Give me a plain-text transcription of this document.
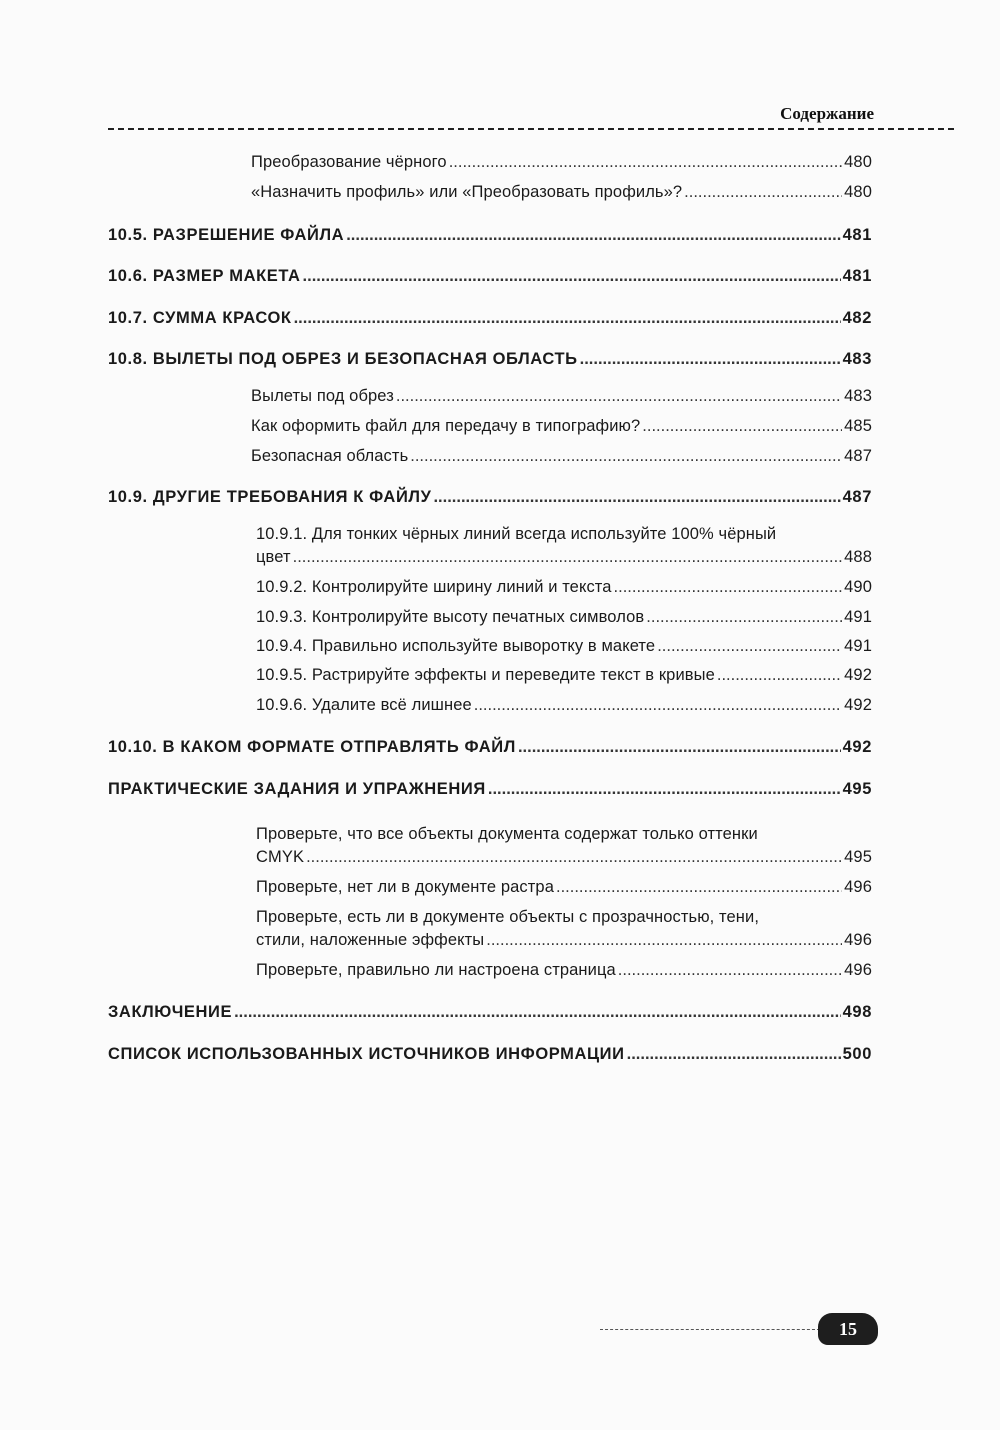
Содержание
Преобразование чёрного .....	480
«Назначить профиль» или «Преобразовать профиль»? .....	480
10.5. РАЗРЕШЕНИЕ ФАЙЛА .....	481
10.6. РАЗМЕР МАКЕТА .....	481
10.7. СУММА КРАСОК .....	482
10.8. ВЫЛЕТЫ ПОД ОБРЕЗ И БЕЗОПАСНАЯ ОБЛАСТЬ .....	483
Вылеты под обрез .....	483
Как оформить файл для передачу в типографию? .....	485
Безопасная область .....	487
10.9. ДРУГИЕ ТРЕБОВАНИЯ К ФАЙЛУ .....	487
10.9.1. Для тонких чёрных линий всегда используйте 100% чёрный
цвет .....	488
10.9.2. Контролируйте ширину линий и текста .....	490
10.9.3. Контролируйте высоту печатных символов .....	491
10.9.4. Правильно используйте выворотку в макете .....	491
10.9.5. Растрируйте эффекты и переведите текст в кривые .....	492
10.9.6. Удалите всё лишнее .....	492
10.10. В КАКОМ ФОРМАТЕ ОТПРАВЛЯТЬ ФАЙЛ .....	492
ПРАКТИЧЕСКИЕ ЗАДАНИЯ И УПРАЖНЕНИЯ .....	495
Проверьте, что все объекты документа содержат только оттенки
CMYK .....	495
Проверьте, нет ли в документе растра .....	496
Проверьте, есть ли в документе объекты с прозрачностью, тени,
стили, наложенные эффекты .....	496
Проверьте, правильно ли настроена страница .....	496
ЗАКЛЮЧЕНИЕ .....	498
СПИСОК ИСПОЛЬЗОВАННЫХ ИСТОЧНИКОВ ИНФОРМАЦИИ .....	500
15
